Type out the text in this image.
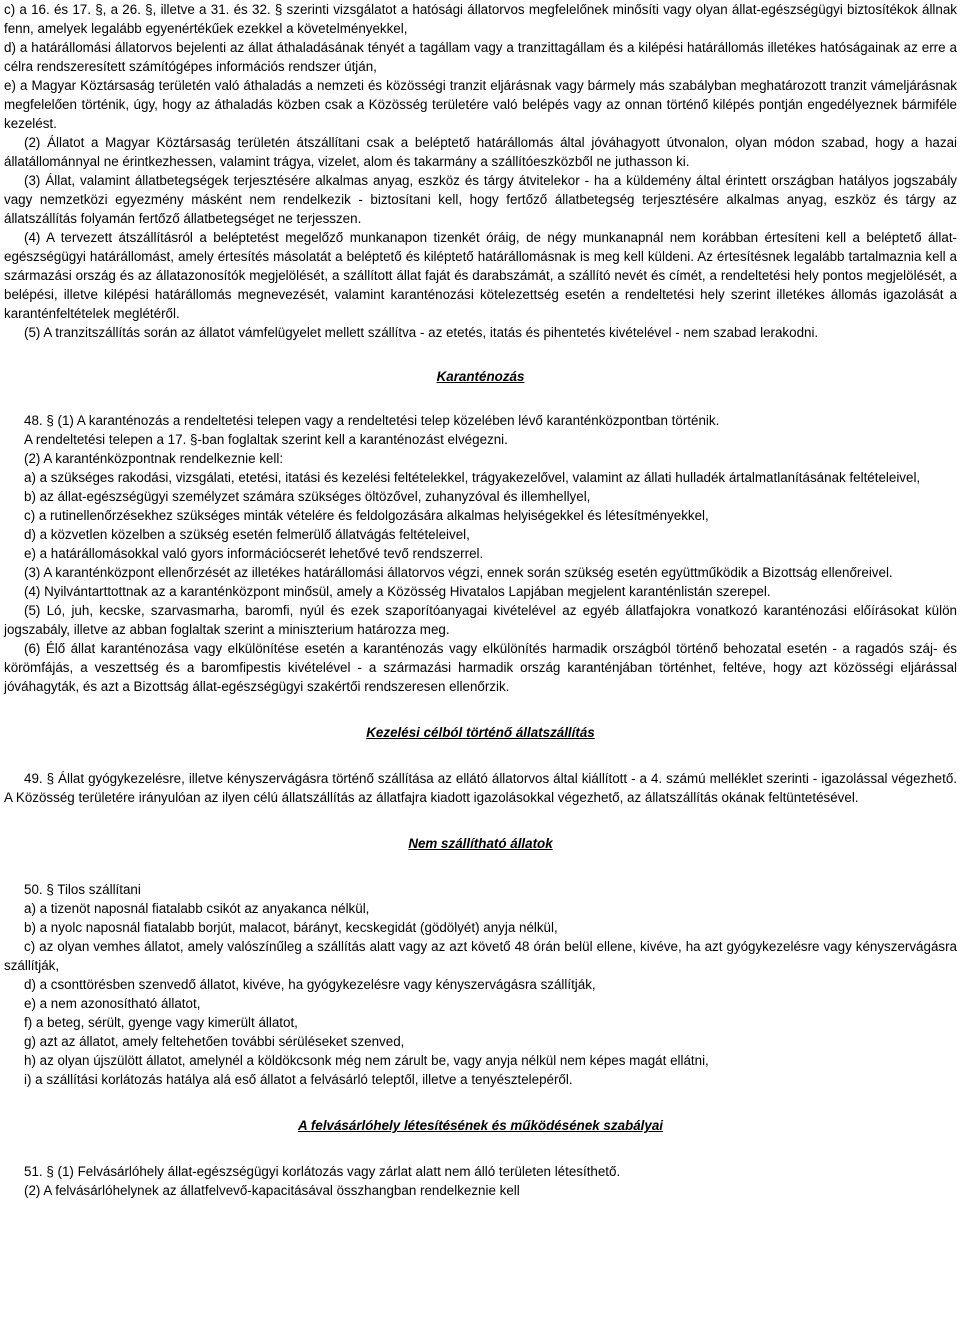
c) a 16. és 17. §, a 26. §, illetve a 31. és 32. § szerinti vizsgálatot a hatósági állatorvos megfelelőnek minősíti vagy olyan állat-egészségügyi biztosítékok állnak fenn, amelyek legalább egyenértékűek ezekkel a követelményekkel,

d) a határállomási állatorvos bejelenti az állat áthaladásának tényét a tagállam vagy a tranzittagállam és a kilépési határállomás illetékes hatóságainak az erre a célra rendszeresített számítógépes információs rendszer útján,

e) a Magyar Köztársaság területén való áthaladás a nemzeti és közösségi tranzit eljárásnak vagy bármely más szabályban meghatározott tranzit vámeljárásnak megfelelően történik, úgy, hogy az áthaladás közben csak a Közösség területére való belépés vagy az onnan történő kilépés pontján engedélyeznek bármiféle kezelést.

(2) Állatot a Magyar Köztársaság területén átszállítani csak a beléptető határállomás által jóváhagyott útvonalon, olyan módon szabad, hogy a hazai állatállománnyal ne érintkezhessen, valamint trágya, vizelet, alom és takarmány a szállítóeszközből ne juthasson ki.

(3) Állat, valamint állatbetegségek terjesztésére alkalmas anyag, eszköz és tárgy átvitelekor - ha a küldemény által érintett országban hatályos jogszabály vagy nemzetközi egyezmény másként nem rendelkezik - biztosítani kell, hogy fertőző állatbetegség terjesztésére alkalmas anyag, eszköz és tárgy az állatszállítás folyamán fertőző állatbetegséget ne terjesszen.

(4) A tervezett átszállításról a beléptetést megelőző munkanapon tizenkét óráig, de négy munkanapnál nem korábban értesíteni kell a beléptető állat-egészségügyi határállomást, amely értesítés másolatát a beléptető és kiléptető határállomásnak is meg kell küldeni. Az értesítésnek legalább tartalmaznia kell a származási ország és az állatazonosítók megjelölését, a szállított állat faját és darabszámát, a szállító nevét és címét, a rendeltetési hely pontos megjelölését, a belépési, illetve kilépési határállomás megnevezését, valamint karanténozási kötelezettség esetén a rendeltetési hely szerint illetékes állomás igazolását a karanténfeltételek meglétéről.

(5) A tranzitszállítás során az állatot vámfelügyelet mellett szállítva - az etetés, itatás és pihentetés kivételével - nem szabad lerakodni.

Karanténozás

48. § (1) A karanténozás a rendeltetési telepen vagy a rendeltetési telep közelében lévő karanténközpontban történik.

A rendeltetési telepen a 17. §-ban foglaltak szerint kell a karanténozást elvégezni.

(2) A karanténközpontnak rendelkeznie kell:

a) a szükséges rakodási, vizsgálati, etetési, itatási és kezelési feltételekkel, trágyakezelővel, valamint az állati hulladék ártalmatlanításának feltételeivel,

b) az állat-egészségügyi személyzet számára szükséges öltözővel, zuhanyzóval és illemhellyel,

c) a rutinellenőrzésekhez szükséges minták vételére és feldolgozására alkalmas helyiségekkel és létesítményekkel,

d) a közvetlen közelben a szükség esetén felmerülő állatvágás feltételeivel,

e) a határállomásokkal való gyors információcserét lehetővé tevő rendszerrel.

(3) A karanténközpont ellenőrzését az illetékes határállomási állatorvos végzi, ennek során szükség esetén együttműködik a Bizottság ellenőreivel.

(4) Nyilvántarttottnak az a karanténközpont minősül, amely a Közösség Hivatalos Lapjában megjelent karanténlistán szerepel.

(5) Ló, juh, kecske, szarvasmarha, baromfi, nyúl és ezek szaporítóanyagai kivételével az egyéb állatfajokra vonatkozó karanténozási előírásokat külön jogszabály, illetve az abban foglaltak szerint a miniszterium határozza meg.

(6) Élő állat karanténozása vagy elkülönítése esetén a karanténozás vagy elkülönítés harmadik országból történő behozatal esetén - a ragadós száj- és körömfájás, a veszettség és a baromfipestis kivételével - a származási harmadik ország karanténjában történhet, feltéve, hogy azt közösségi eljárással jóváhagyták, és azt a Bizottság állat-egészségügyi szakértői rendszeresen ellenőrzik.

Kezelési célból történő állatszállítás

49. § Állat gyógykezelésre, illetve kényszervágásra történő szállítása az ellátó állatorvos által kiállított - a 4. számú melléklet szerinti - igazolással végezhető. A Közösség területére irányulóan az ilyen célú állatszállítás az állatfajra kiadott igazolásokkal végezhető, az állatszállítás okának feltüntetésével.

Nem szállítható állatok

50. § Tilos szállítani

a) a tizenöt naposnál fiatalabb csikót az anyakanca nélkül,

b) a nyolc naposnál fiatalabb borjút, malacot, bárányt, kecskegidát (gödölyét) anyja nélkül,

c) az olyan vemhes állatot, amely valószínűleg a szállítás alatt vagy az azt követő 48 órán belül ellene, kivéve, ha azt gyógykezelésre vagy kényszervágásra szállítják,

d) a csonttörésben szenvedő állatot, kivéve, ha gyógykezelésre vagy kényszervágásra szállítják,

e) a nem azonosítható állatot,

f) a beteg, sérült, gyenge vagy kimerült állatot,

g) azt az állatot, amely feltehetően további sérüléseket szenved,

h) az olyan újszülött állatot, amelynél a köldökcsonk még nem zárult be, vagy anyja nélkül nem képes magát ellátni,

i) a szállítási korlátozás hatálya alá eső állatot a felvásárló teleptől, illetve a tenyésztelepéről.

A felvásárlóhely létesítésének és működésének szabályai

51. § (1) Felvásárlóhely állat-egészségügyi korlátozás vagy zárlat alatt nem álló területen létesíthető.

(2) A felvásárlóhelynek az állatfelvevő-kapacitásával összhangban rendelkeznie kell
